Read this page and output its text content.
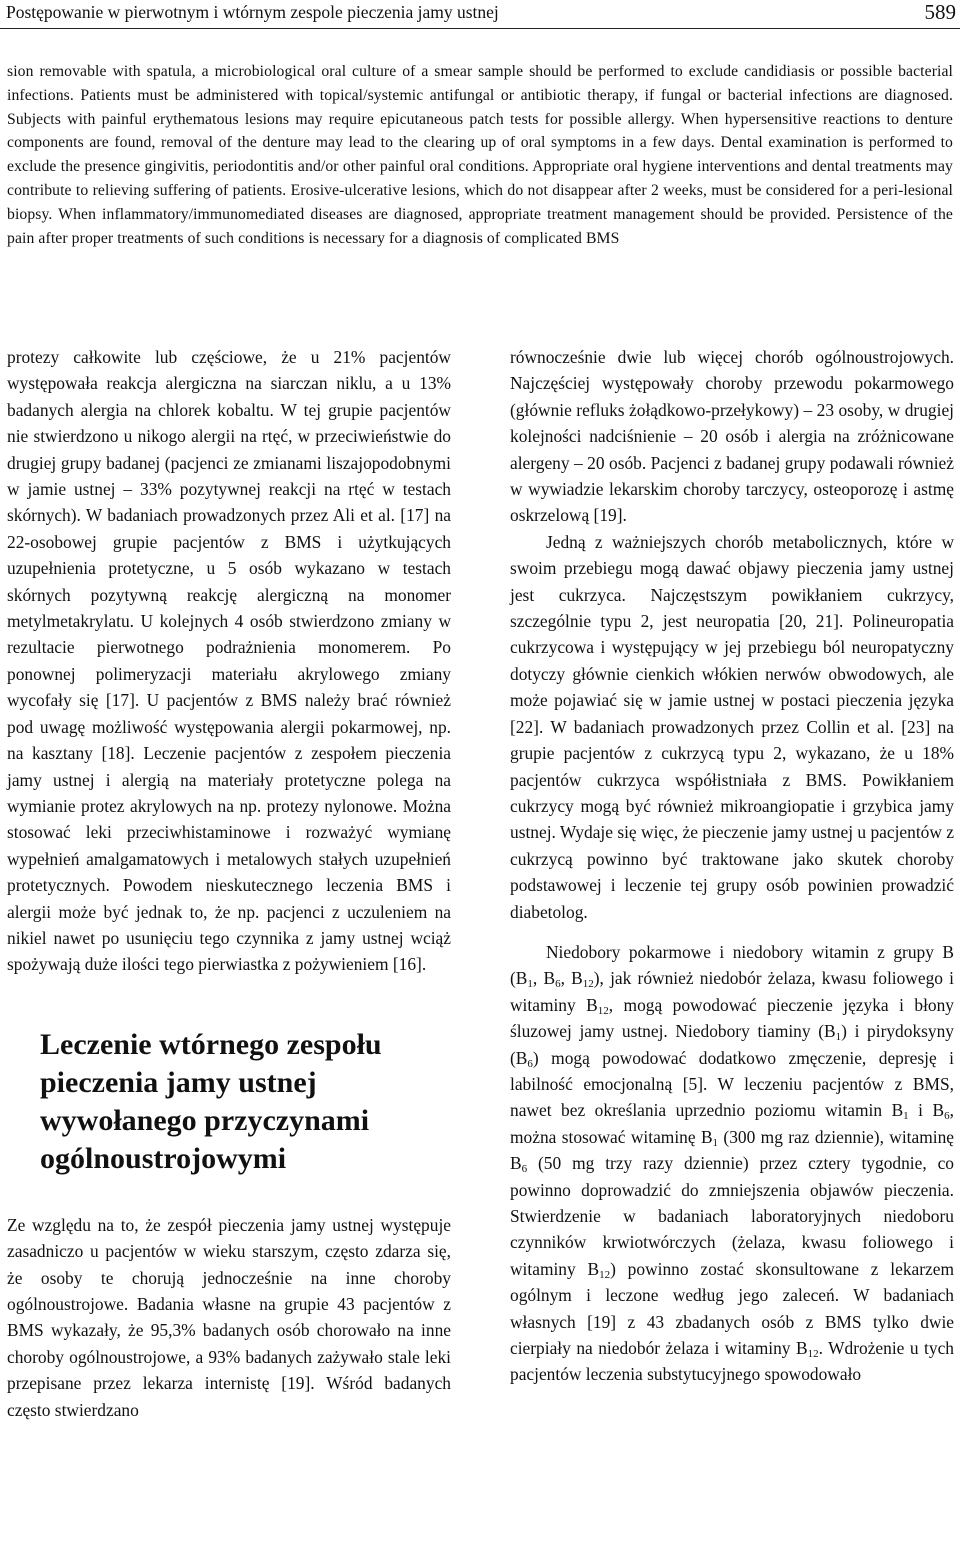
Postępowanie w pierwotnym i wtórnym zespole pieczenia jamy ustnej	589
sion removable with spatula, a microbiological oral culture of a smear sample should be performed to exclude candidiasis or possible bacterial infections. Patients must be administered with topical/systemic antifungal or antibiotic therapy, if fungal or bacterial infections are diagnosed. Subjects with painful erythematous lesions may require epicutaneous patch tests for possible allergy. When hypersensitive reactions to denture components are found, removal of the denture may lead to the clearing up of oral symptoms in a few days. Dental examination is performed to exclude the presence gingivitis, periodontitis and/or other painful oral conditions. Appropriate oral hygiene interventions and dental treatments may contribute to relieving suffering of patients. Erosive-ulcerative lesions, which do not disappear after 2 weeks, must be considered for a peri-lesional biopsy. When inflammatory/immunomediated diseases are diagnosed, appropriate treatment management should be provided. Persistence of the pain after proper treatments of such conditions is necessary for a diagnosis of complicated BMS

protezy całkowite lub częściowe, że u 21% pacjentów występowała reakcja alergiczna na siarczan niklu, a u 13% badanych alergia na chlorek kobaltu. W tej grupie pacjentów nie stwierdzono u nikogo alergii na rtęć, w przeciwieństwie do drugiej grupy badanej (pacjenci ze zmianami liszajopodobnymi w jamie ustnej – 33% pozytywnej reakcji na rtęć w testach skórnych). W badaniach prowadzonych przez Ali et al. [17] na 22-osobowej grupie pacjentów z BMS i użytkujących uzupełnienia protetyczne, u 5 osób wykazano w testach skórnych pozytywną reakcję alergiczną na monomer metylmetakrylatu. U kolejnych 4 osób stwierdzono zmiany w rezultacie pierwotnego podrażnienia monomerem. Po ponownej polimeryzacji materiału akrylowego zmiany wycofały się [17]. U pacjentów z BMS należy brać również pod uwagę możliwość występowania alergii pokarmowej, np. na kasztany [18]. Leczenie pacjentów z zespołem pieczenia jamy ustnej i alergią na materiały protetyczne polega na wymianie protez akrylowych na np. protezy nylonowe. Można stosować leki przeciwhistaminowe i rozważyć wymianę wypełnień amalgamatowych i metalowych stałych uzupełnień protetycznych. Powodem nieskutecznego leczenia BMS i alergii może być jednak to, że np. pacjenci z uczuleniem na nikiel nawet po usunięciu tego czynnika z jamy ustnej wciąż spożywają duże ilości tego pierwiastka z pożywieniem [16].

Leczenie wtórnego zespołu pieczenia jamy ustnej wywołanego przyczynami ogólnoustrojowymi

Ze względu na to, że zespół pieczenia jamy ustnej występuje zasadniczo u pacjentów w wieku starszym, często zdarza się, że osoby te chorują jednocześnie na inne choroby ogólnoustrojowe. Badania własne na grupie 43 pacjentów z BMS wykazały, że 95,3% badanych osób chorowało na inne choroby ogólnoustrojowe, a 93% badanych zażywało stale leki przepisane przez lekarza internistę [19]. Wśród badanych często stwierdzano

równocześnie dwie lub więcej chorób ogólnoustrojowych. Najczęściej występowały choroby przewodu pokarmowego (głównie refluks żołądkowo-przełykowy) – 23 osoby, w drugiej kolejności nadciśnienie – 20 osób i alergia na zróżnicowane alergeny – 20 osób. Pacjenci z badanej grupy podawali również w wywiadzie lekarskim choroby tarczycy, osteoporozę i astmę oskrzelową [19].

Jedną z ważniejszych chorób metabolicznych, które w swoim przebiegu mogą dawać objawy pieczenia jamy ustnej jest cukrzyca. Najczęstszym powikłaniem cukrzycy, szczególnie typu 2, jest neuropatia [20, 21]. Polineuropatia cukrzycowa i występujący w jej przebiegu ból neuropatyczny dotyczy głównie cienkich włókien nerwów obwodowych, ale może pojawiać się w jamie ustnej w postaci pieczenia języka [22]. W badaniach prowadzonych przez Collin et al. [23] na grupie pacjentów z cukrzycą typu 2, wykazano, że u 18% pacjentów cukrzyca współistniała z BMS. Powikłaniem cukrzycy mogą być również mikroangiopatie i grzybica jamy ustnej. Wydaje się więc, że pieczenie jamy ustnej u pacjentów z cukrzycą powinno być traktowane jako skutek choroby podstawowej i leczenie tej grupy osób powinien prowadzić diabetolog.

Niedobory pokarmowe i niedobory witamin z grupy B ($B_1$, $B_6$, $B_{12}$), jak również niedobór żelaza, kwasu foliowego i witaminy $B_{12}$, mogą powodować pieczenie języka i błony śluzowej jamy ustnej. Niedobory tiaminy $(B_1)$ i pirydoksyny $(B_6)$ mogą powodować dodatkowo zmęczenie, depresję i labilność emocjonalną [5]. W leczeniu pacjentów z BMS, nawet bez określania uprzednio poziomu witamin $B_1$ i $B_6$, można stosować witaminę $B_1$ (300 mg raz dziennie), witaminę $B_6$ (50 mg trzy razy dziennie) przez cztery tygodnie, co powinno doprowadzić do zmniejszenia objawów pieczenia. Stwierdzenie w badaniach laboratoryjnych niedoboru czynników krwiotwórczych (żelaza, kwasu foliowego i witaminy $B_{12}$) powinno zostać skonsultowane z lekarzem ogólnym i leczone według jego zaleceń. W badaniach własnych [19] z 43 zbadanych osób z BMS tylko dwie cierpiały na niedobór żelaza i witaminy $B_{12}$. Wdrożenie u tych pacjentów leczenia substytucyjnego spowodowało
